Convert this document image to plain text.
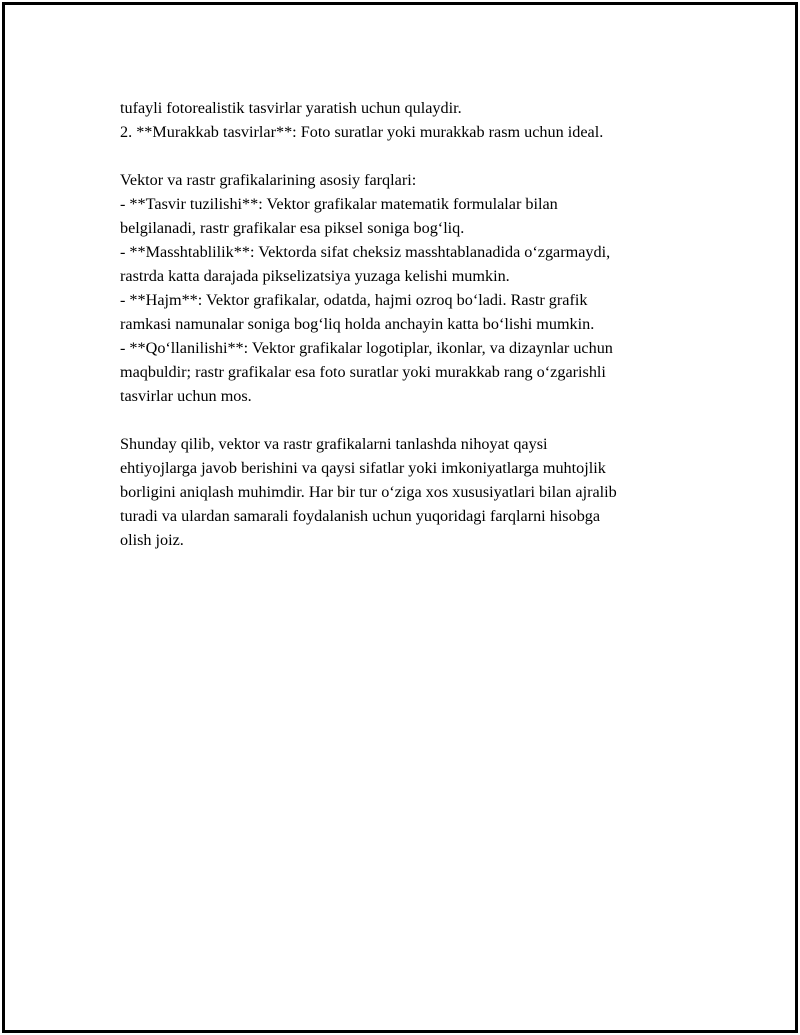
tufayli fotorealistik tasvirlar yaratish uchun qulaydir.
2. **Murakkab tasvirlar**: Foto suratlar yoki murakkab rasm uchun ideal.
Vektor va rastr grafikalarining asosiy farqlari:
- **Tasvir tuzilishi**: Vektor grafikalar matematik formulalar bilan
belgilanadi, rastr grafikalar esa piksel soniga bog‘liq.
- **Masshtablilik**: Vektorda sifat cheksiz masshtablanadida o‘zgarmaydi,
rastrda katta darajada pikselizatsiya yuzaga kelishi mumkin.
- **Hajm**: Vektor grafikalar, odatda, hajmi ozroq bo‘ladi. Rastr grafik
ramkasi namunalar soniga bog‘liq holda anchayin katta bo‘lishi mumkin.
- **Qo‘llanilishi**: Vektor grafikalar logotiplar, ikonlar, va dizaynlar uchun
maqbuldir; rastr grafikalar esa foto suratlar yoki murakkab rang o‘zgarishli
tasvirlar uchun mos.
Shunday qilib, vektor va rastr grafikalarni tanlashda nihoyat qaysi
ehtiyojlarga javob berishini va qaysi sifatlar yoki imkoniyatlarga muhtojlik
borligini aniqlash muhimdir. Har bir tur o‘ziga xos xususiyatlari bilan ajralib
turadi va ulardan samarali foydalanish uchun yuqoridagi farqlarni hisobga
olish joiz.
